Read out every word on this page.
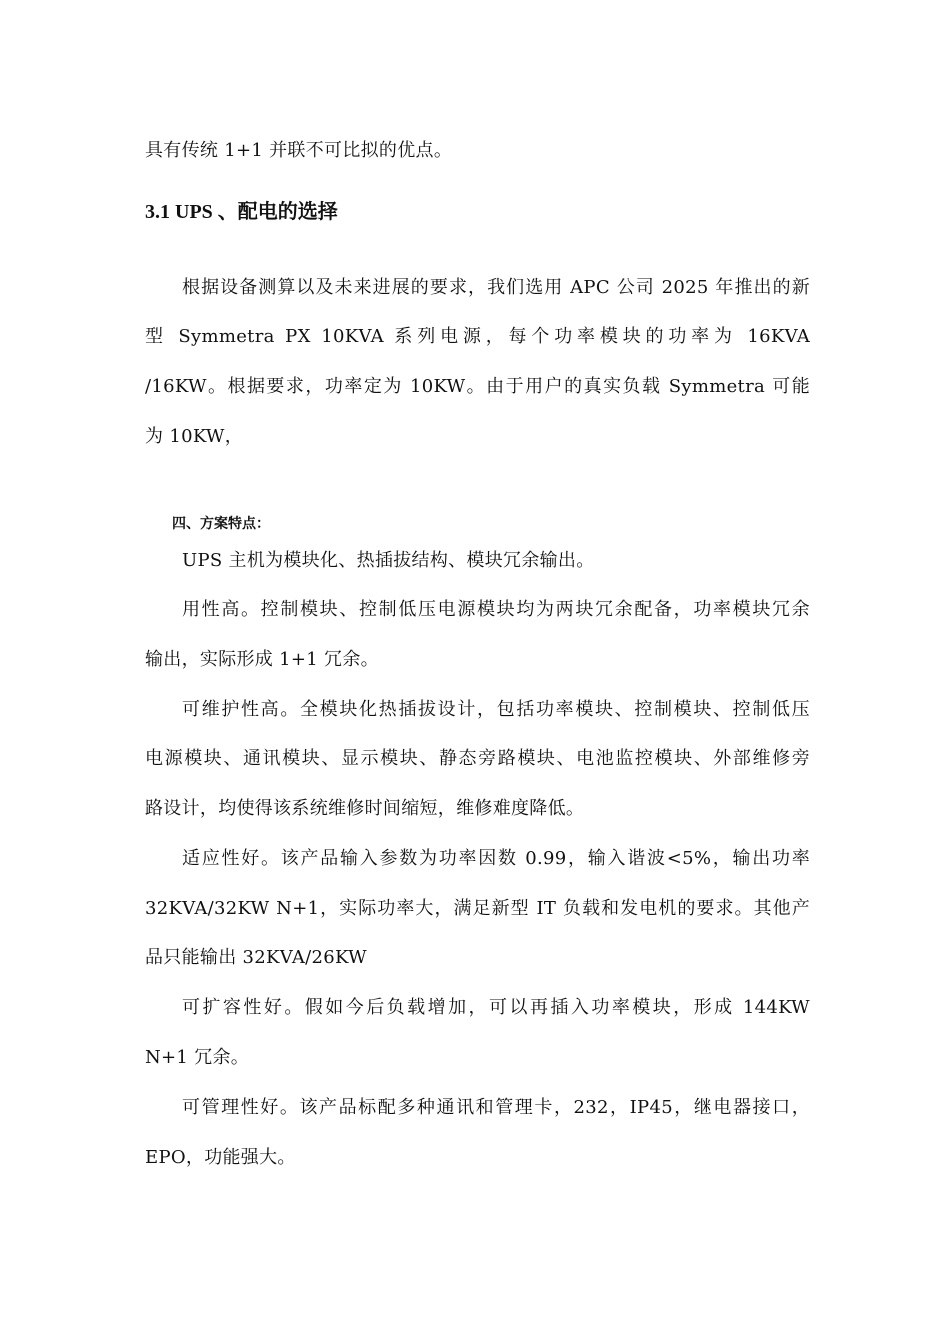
具有传统 1+1 并联不可比拟的优点。
3.1 UPS 、配电的选择
根据设备测算以及未来进展的要求，我们选用 APC 公司 2025 年推出的新
型 Symmetra PX 10KVA 系列电源，每个功率模块的功率为 16KVA
/16KW。根据要求，功率定为 10KW。由于用户的真实负载 Symmetra 可能
为 10KW，
四、方案特点：
UPS 主机为模块化、热插拔结构、模块冗余输出。
用性高。控制模块、控制低压电源模块均为两块冗余配备，功率模块冗余
输出，实际形成 1+1 冗余。
可维护性高。全模块化热插拔设计，包括功率模块、控制模块、控制低压
电源模块、通讯模块、显示模块、静态旁路模块、电池监控模块、外部维修旁
路设计，均使得该系统维修时间缩短，维修难度降低。
适应性好。该产品输入参数为功率因数 0.99，输入谐波<5%，输出功率
32KVA/32KW N+1，实际功率大，满足新型 IT 负载和发电机的要求。其他产
品只能输出 32KVA/26KW
可扩容性好。假如今后负载增加，可以再插入功率模块，形成 144KW
N+1 冗余。
可管理性好。该产品标配多种通讯和管理卡，232，IP45，继电器接口，
EPO，功能强大。
